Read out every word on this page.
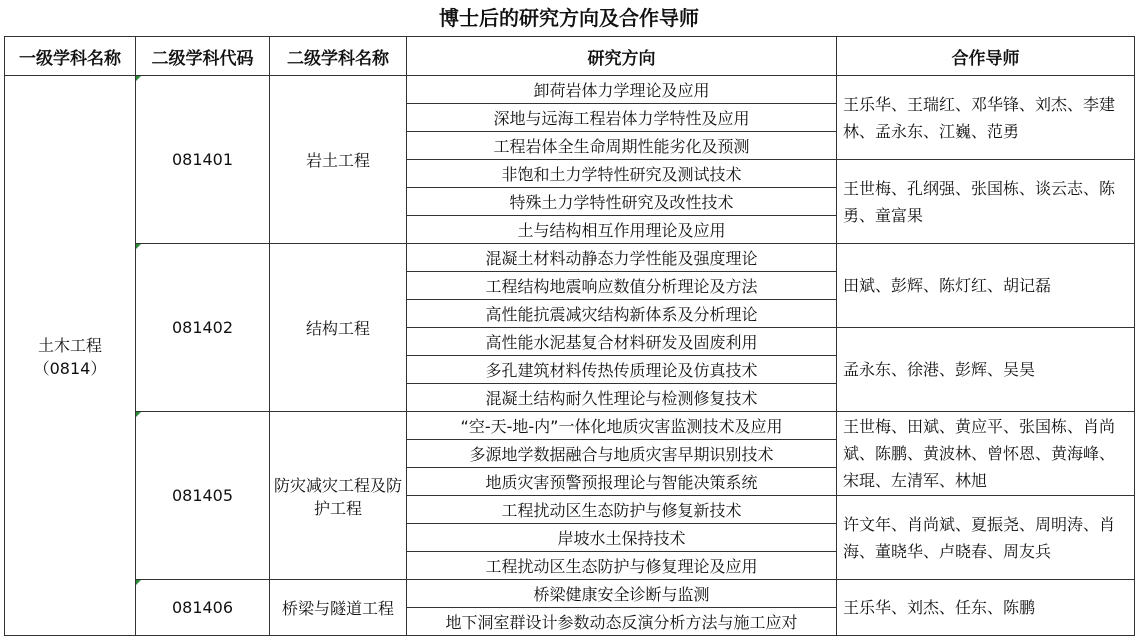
博士后的研究方向及合作导师
一级学科名称	二级学科代码	二级学科名称	研究方向	合作导师

土木工程
（0814）	081401	岩土工程	卸荷岩体力学理论及应用	王乐华、王瑞红、邓华锋、刘杰、李建林、孟永东、江巍、范勇
			深地与远海工程岩体力学特性及应用	
			工程岩体全生命周期性能劣化及预测	
			非饱和土力学特性研究及测试技术	王世梅、孔纲强、张国栋、谈云志、陈勇、童富果
			特殊土力学特性研究及改性技术	
			土与结构相互作用理论及应用	
	081402	结构工程	混凝土材料动静态力学性能及强度理论	田斌、彭辉、陈灯红、胡记磊
			工程结构地震响应数值分析理论及方法	
			高性能抗震减灾结构新体系及分析理论	
			高性能水泥基复合材料研发及固废利用	孟永东、徐港、彭辉、吴昊
			多孔建筑材料传热传质理论及仿真技术	
			混凝土结构耐久性理论与检测修复技术	
	081405	防灾减灾工程及防护工程	“空-天-地-内”一体化地质灾害监测技术及应用	王世梅、田斌、黄应平、张国栋、肖尚斌、陈鹏、黄波林、曾怀恩、黄海峰、宋琨、左清军、林旭
			多源地学数据融合与地质灾害早期识别技术	
			地质灾害预警预报理论与智能决策系统	
			工程扰动区生态防护与修复新技术	许文年、肖尚斌、夏振尧、周明涛、肖海、董晓华、卢晓春、周友兵
			岸坡水土保持技术	
			工程扰动区生态防护与修复理论及应用	
	081406	桥梁与隧道工程	桥梁健康安全诊断与监测	王乐华、刘杰、任东、陈鹏
			地下洞室群设计参数动态反演分析方法与施工应对	
